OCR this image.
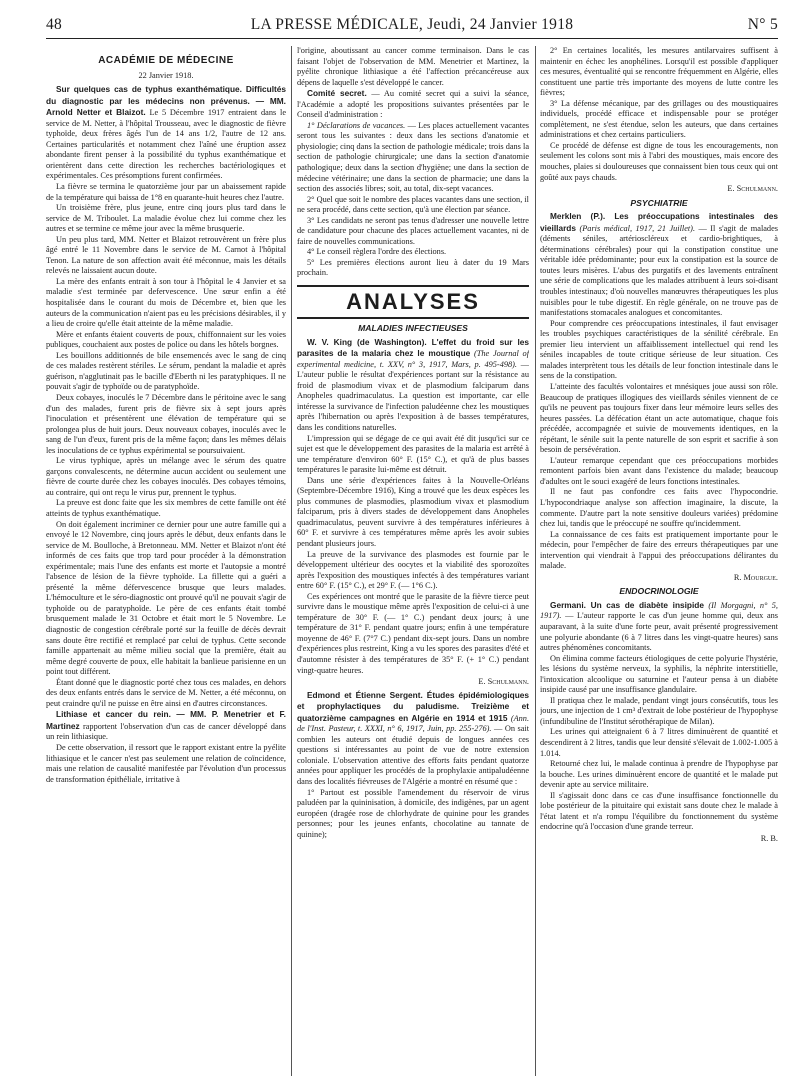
48	LA PRESSE MÉDICALE, Jeudi, 24 Janvier 1918	N° 5
ACADÉMIE DE MÉDECINE
22 Janvier 1918.

Sur quelques cas de typhus exanthématique. Difficultés du diagnostic par les médecins non prévenus. — MM. Arnold Netter et Blaizot. Le 5 Décembre 1917 entraient dans le service de M. Netter, à l'hôpital Trousseau, avec le diagnostic de fièvre typhoïde, deux frères âgés l'un de 14 ans 1/2, l'autre de 12 ans. Certaines particularités et notamment chez l'aîné une éruption assez abondante firent penser à la possibilité du typhus exanthématique et orientèrent dans cette direction les recherches bactériologiques et expérimentales. Ces présomptions furent confirmées.

La fièvre se termina le quatorzième jour par un abaissement rapide de la température qui baissa de 1°8 en quarante-huit heures chez l'autre.

Un troisième frère, plus jeune, entre cinq jours plus tard dans le service de M. Triboulet. La maladie évolue chez lui comme chez les autres et se termine ce même jour avec la même brusquerie.

Un peu plus tard, MM. Netter et Blaizot retrouvèrent un frère plus âgé entré le 11 Novembre dans le service de M. Carnot à l'hôpital Tenon. La nature de son affection avait été méconnue, mais les détails relevés ne laissaient aucun doute.

La mère des enfants entrait à son tour à l'hôpital le 4 Janvier et sa maladie s'est terminée par defervescence. Une sœur enfin a été hospitalisée dans le courant du mois de Décembre et, bien que les auteurs de la communication n'aient pas eu les précisions désirables, il y a lieu de croire qu'elle était atteinte de la même maladie.

Mère et enfants étaient couverts de poux, chiffonnaient sur les voies publiques, couchaient aux postes de police ou dans les hôtels borgnes.

Les bouillons additionnés de bile ensemencés avec le sang de cinq de ces malades restèrent stériles. Le sérum, pendant la maladie et après guérison, n'agglutinait pas le bacille d'Eberth ni les paratyphiques. Il ne pouvait s'agir de typhoïde ou de paratyphoïde.

Deux cobayes, inoculés le 7 Décembre dans le péritoine avec le sang d'un des malades, furent pris de fièvre six à sept jours après l'inoculation et présentèrent une élévation de température qui se prolongea plus de huit jours. Deux nouveaux cobayes, inoculés avec le sang de l'un d'eux, furent pris de la même façon; dans les mêmes délais les inoculations de ce typhus expérimental se poursuivaient.

Le virus typhique, après un mélange avec le sérum des quatre garçons convalescents, ne détermine aucun accident ou seulement une fièvre de courte durée chez les cobayes inoculés. Des cobayes témoins, au contraire, qui ont reçu le virus pur, prennent le typhus.

La preuve est donc faite que les six membres de cette famille ont été atteints de typhus exanthématique.

On doit également incriminer ce dernier pour une autre famille qui a envoyé le 12 Novembre, cinq jours après le début, deux enfants dans le service de M. Boulloche, à Bretonneau. MM. Netter et Blaizot n'ont été informés de ces faits que trop tard pour procéder à la démonstration expérimentale; mais l'une des enfants est morte et l'autopsie a montré l'absence de lésion de la fièvre typhoïde. La fillette qui a guéri a présenté la même défervescence brusque que leurs malades. L'hémoculture et le séro-diagnostic ont prouvé qu'il ne pouvait s'agir de typhoïde ou de paratyphoïde. Le père de ces enfants était tombé brusquement malade le 31 Octobre et était mort le 5 Novembre. Le diagnostic de congestion cérébrale porté sur la feuille de décès devrait sans doute être rectifié et remplacé par celui de typhus. Cette seconde famille appartenait au même milieu social que la première, était au même degré couverte de poux, elle habitait la banlieue parisienne en un point tout différent.

Étant donné que le diagnostic porté chez tous ces malades, en dehors des deux enfants entrés dans le service de M. Netter, a été méconnu, on peut craindre qu'il ne puisse en être ainsi en d'autres circonstances.

Lithiase et cancer du rein. — MM. P. Menetrier et F. Martinez rapportent l'observation d'un cas de cancer développé dans un rein lithiasique.

De cette observation, il ressort que le rapport existant entre la pyélite lithiasique et le cancer n'est pas seulement une relation de coïncidence, mais une relation de causalité manifestée par l'évolution d'un processus de transformation épithéliale, irritative à

l'origine, aboutissant au cancer comme terminaison. Dans le cas faisant l'objet de l'observation de MM. Menetrier et Martinez, la pyélite chronique lithiasique a été l'affection précancéreuse aux dépens de laquelle s'est développé le cancer.

Comité secret. — Au comité secret qui a suivi la séance, l'Académie a adopté les propositions suivantes présentées par le Conseil d'administration :

1° Déclarations de vacances. — Les places actuellement vacantes seront tous les suivantes : deux dans les sections d'anatomie et physiologie; cinq dans la section de pathologie médicale; trois dans la section de pathologie chirurgicale; une dans la section d'anatomie pathologique; deux dans la section d'hygiène; une dans la section de médecine vétérinaire; une dans la section de pharmacie; une dans la section des associés libres; soit, au total, dix-sept vacances.

2° Quel que soit le nombre des places vacantes dans une section, il ne sera procédé, dans cette section, qu'à une élection par séance.

3° Les candidats ne seront pas tenus d'adresser une nouvelle lettre de candidature pour chacune des places actuellement vacantes, ni de faire de nouvelles communications.

4° Le conseil règlera l'ordre des élections.

5° Les premières élections auront lieu à dater du 19 Mars prochain.

ANALYSES
MALADIES INFECTIEUSES

W. V. King (de Washington). L'effet du froid sur les parasites de la malaria chez le moustique (The Journal of experimental medicine, t. XXV, n° 3, 1917, Mars, p. 495-498). — L'auteur publie le résultat d'expériences portant sur la résistance au froid de plasmodium vivax et de plasmodium falciparum dans Anopheles quadrimaculatus. La question est importante, car elle intéresse la survivance de l'infection paludéenne chez les moustiques après l'hibernation ou après l'exposition à de basses températures, dans les conditions naturelles.

L'impression qui se dégage de ce qui avait été dit jusqu'ici sur ce sujet est que le développement des parasites de la malaria est arrêté à une température d'environ 60° F. (15° C.), et qu'à de plus basses températures le parasite lui-même est détruit.

Dans une série d'expériences faites à la Nouvelle-Orléans (Septembre-Décembre 1916), King a trouvé que les deux espèces les plus communes de plasmodies, plasmodium vivax et plasmodium falciparum, pris à divers stades de développement dans Anopheles quadrimaculatus, peuvent survivre à des températures inférieures à 60° F. et survivre à ces températures même après les avoir subies pendant plusieurs jours.

La preuve de la survivance des plasmodes est fournie par le développement ultérieur des oocytes et la viabilité des sporozoïtes après l'exposition des moustiques infectés à des températures variant entre 60° F. (15° C.), et 29° F. (— 1°6 C.).

Ces expériences ont montré que le parasite de la fièvre tierce peut survivre dans le moustique même après l'exposition de celui-ci à une température de 30° F. (— 1° C.) pendant deux jours; à une température de 31° F. pendant quatre jours; enfin à une température moyenne de 46° F. (7°7 C.) pendant dix-sept jours. Dans un nombre d'expériences plus restreint, King a vu les spores des parasites d'été et d'automne résister à des températures de 35° F. (+ 1° C.) pendant vingt-quatre heures.

E. Schulmann.

Edmond et Étienne Sergent. Études épidémiologiques et prophylactiques du paludisme. Treizième et quatorzième campagnes en Algérie en 1914 et 1915 (Ann. de l'Inst. Pasteur, t. XXXI, n° 6, 1917, Juin, pp. 255-276). — On sait combien les auteurs ont étudié depuis de longues années ces questions si intéressantes au point de vue de notre extension coloniale. L'observation attentive des efforts faits pendant quatorze années pour appliquer les procédés de la prophylaxie antipaludéenne dans des localités fiévreuses de l'Algérie a montré en résumé que :

1° Partout est possible l'amendement du réservoir de virus paludéen par la quininisation, à domicile, des indigènes, par un agent européen (dragée rose de chlorhydrate de quinine pour les grandes personnes; pour les jeunes enfants, chocolatine au tannate de quinine);

2° En certaines localités, les mesures antilarvaires suffisent à maintenir en échec les anophélines. Lorsqu'il est possible d'appliquer ces mesures, éventualité qui se rencontre fréquemment en Algérie, elles constituent une partie très importante des moyens de lutte contre les fièvres;

3° La défense mécanique, par des grillages ou des moustiquaires individuels, procédé efficace et indispensable pour se protéger complètement, ne s'est étendue, selon les auteurs, que dans certaines administrations et chez certains particuliers.

Ce procédé de défense est digne de tous les encouragements, non seulement les colons sont mis à l'abri des moustiques, mais encore des mouches, plaies si douloureuses que connaissent bien tous ceux qui ont goûté aux pays chauds.

E. Schulmann.
PSYCHIATRIE

Merklen (P.). Les préoccupations intestinales des vieillards (Paris médical, 1917, 21 Juillet). — Il s'agit de malades (déments séniles, artérioscléreux et cardio-brightiques, à déterminations cérébrales) pour qui la constipation constitue une véritable idée prédominante; pour eux la constipation est la source de toutes leurs misères. L'abus des purgatifs et des lavements entraînent une série de complications que les malades attribuent à leurs soi-disant troubles intestinaux; d'où nouvelles manœuvres thérapeutiques les plus nuisibles pour le tube digestif. En règle générale, on ne trouve pas de manifestations stomacales analogues et concomitantes.

Pour comprendre ces préoccupations intestinales, il faut envisager les troubles psychiques caractéristiques de la sénilité cérébrale. En premier lieu intervient un affaiblissement intellectuel qui rend les séniles incapables de toute critique sérieuse de leur situation. Ces malades interprètent tous les détails de leur fonction intestinale dans le sens de la constipation.

L'atteinte des facultés volontaires et mnésiques joue aussi son rôle. Beaucoup de pratiques illogiques des vieillards séniles viennent de ce qu'ils ne peuvent pas toujours fixer dans leur mémoire leurs selles des heures passées. La défécation étant un acte automatique, chaque fois précédée, accompagnée et suivie de mouvements identiques, en la répétant, le sénile suit la pente naturelle de son esprit et sacrifie à son besoin de persévération.

L'auteur remarque cependant que ces préoccupations morbides remontent parfois bien avant dans l'existence du malade; beaucoup d'adultes ont le souci exagéré de leurs fonctions intestinales.

Il ne faut pas confondre ces faits avec l'hypocondrie. L'hypocondriaque analyse son affection imaginaire, la discute, la commente. D'autre part la note sensitive douleurs variées) prédomine chez lui, tandis que le préoccupé ne souffre qu'incidemment.

La connaissance de ces faits est pratiquement importante pour le médecin, pour l'empêcher de faire des erreurs thérapeutiques par une intervention qui viendrait à l'appui des préoccupations délirantes du malade.

R. Mourgue.
ENDOCRINOLOGIE

Germani. Un cas de diabète insipide (Il Morgagni, n° 5, 1917). — L'auteur rapporte le cas d'un jeune homme qui, deux ans auparavant, à la suite d'une forte peur, avait présenté progressivement une polyurie abondante (6 à 7 litres dans les vingt-quatre heures) sans autres phénomènes concomitants.

On élimina comme facteurs étiologiques de cette polyurie l'hystérie, les lésions du système nerveux, la syphilis, la néphrite interstitielle, l'intoxication alcoolique ou saturnine et l'auteur pensa à un diabète insipide causé par une insuffisance glandulaire.

Il pratiqua chez le malade, pendant vingt jours consécutifs, tous les jours, une injection de 1 cm³ d'extrait de lobe postérieur de l'hypophyse (infundibuline de l'Institut sérothérapique de Milan).

Les urines qui atteignaient 6 à 7 litres diminuèrent de quantité et descendirent à 2 litres, tandis que leur densité s'élevait de 1.002-1.005 à 1.014.

Retourné chez lui, le malade continua à prendre de l'hypophyse par la bouche. Les urines diminuèrent encore de quantité et le malade put devenir apte au service militaire.

Il s'agissait donc dans ce cas d'une insuffisance fonctionnelle du lobe postérieur de la pituitaire qui existait sans doute chez le malade à l'état latent et n'a rompu l'équilibre du fonctionnement du système endocrine qu'à l'occasion d'une grande terreur.

R. B.
